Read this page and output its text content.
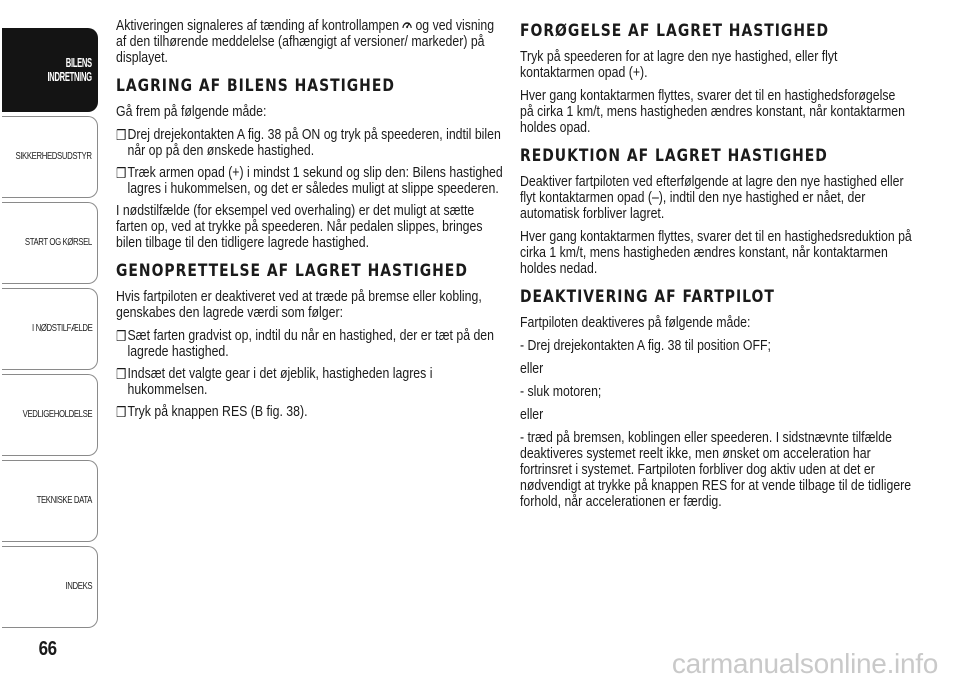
BILENS
INDRETNING
SIKKERHEDSUDSTYR
START OG KØRSEL
I NØDSTILFÆLDE
VEDLIGEHOLDELSE
TEKNISKE DATA
INDEKS
66

Aktiveringen signaleres af tænding af kontrollampen og ved visning af den tilhørende meddelelse (afhængigt af versioner/ markeder) på displayet.

LAGRING AF BILENS HASTIGHED

Gå frem på følgende måde:

❒ Drej drejekontakten A fig. 38 på ON og tryk på speederen, indtil bilen når op på den ønskede hastighed.
❒ Træk armen opad (+) i mindst 1 sekund og slip den: Bilens hastighed lagres i hukommelsen, og det er således muligt at slippe speederen.

I nødstilfælde (for eksempel ved overhaling) er det muligt at sætte farten op, ved at trykke på speederen. Når pedalen slippes, bringes bilen tilbage til den tidligere lagrede hastighed.

GENOPRETTELSE AF LAGRET HASTIGHED

Hvis fartpiloten er deaktiveret ved at træde på bremse eller kobling, genskabes den lagrede værdi som følger:

❒ Sæt farten gradvist op, indtil du når en hastighed, der er tæt på den lagrede hastighed.
❒ Indsæt det valgte gear i det øjeblik, hastigheden lagres i hukommelsen.
❒ Tryk på knappen RES (B fig. 38).
FORØGELSE AF LAGRET HASTIGHED

Tryk på speederen for at lagre den nye hastighed, eller flyt kontaktarmen opad (+).

Hver gang kontaktarmen flyttes, svarer det til en hastighedsforøgelse på cirka 1 km/t, mens hastigheden ændres konstant, når kontaktarmen holdes opad.

REDUKTION AF LAGRET HASTIGHED

Deaktiver fartpiloten ved efterfølgende at lagre den nye hastighed eller flyt kontaktarmen opad (–), indtil den nye hastighed er nået, der automatisk forbliver lagret.

Hver gang kontaktarmen flyttes, svarer det til en hastighedsreduktion på cirka 1 km/t, mens hastigheden ændres konstant, når kontaktarmen holdes nedad.

DEAKTIVERING AF FARTPILOT

Fartpiloten deaktiveres på følgende måde:

- Drej drejekontakten A fig. 38 til position OFF;

eller

- sluk motoren;

eller

- træd på bremsen, koblingen eller speederen. I sidstnævnte tilfælde deaktiveres systemet reelt ikke, men ønsket om acceleration har fortrinsret i systemet. Fartpiloten forbliver dog aktiv uden at det er nødvendigt at trykke på knappen RES for at vende tilbage til de tidligere forhold, når accelerationen er færdig.

carmanualsonline.info
